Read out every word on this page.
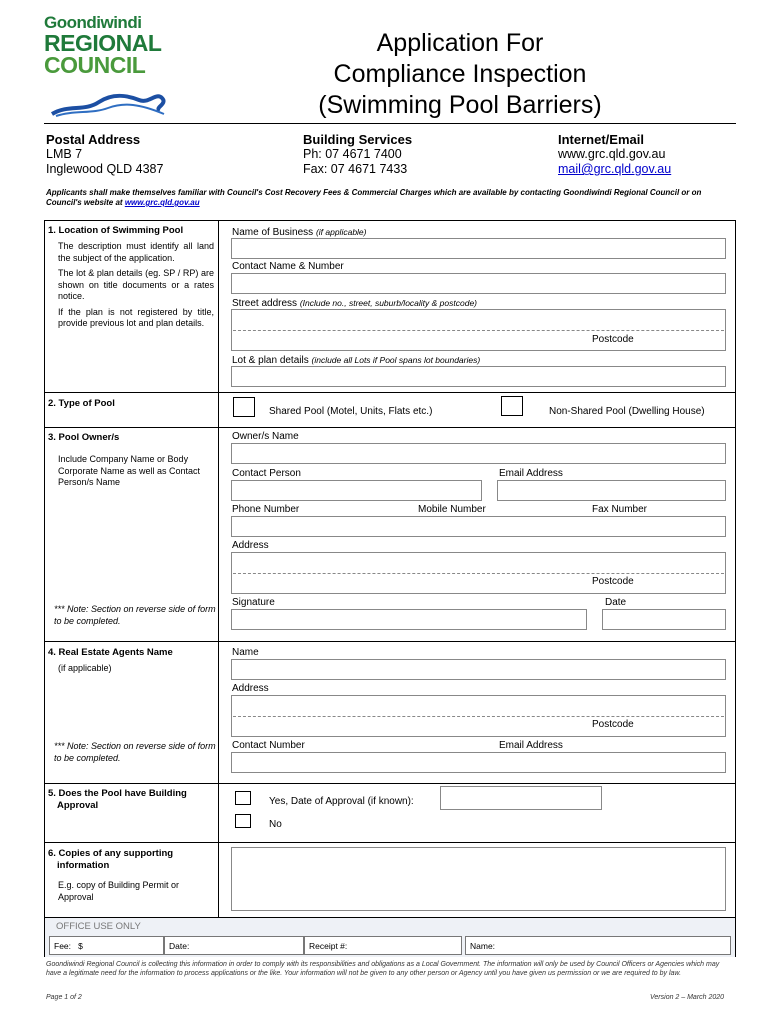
Goondiwindi
REGIONAL
COUNCIL
Application For
Compliance Inspection
(Swimming Pool Barriers)
Postal Address
LMB 7
Inglewood QLD 4387
Building Services
Ph: 07 4671 7400
Fax: 07 4671 7433
Internet/Email
www.grc.qld.gov.au
mail@grc.qld.gov.au
Applicants shall make themselves familiar with Council's Cost Recovery Fees & Commercial Charges which are available by contacting Goondiwindi Regional Council or on Council's website at www.grc.qld.gov.au
1. Location of Swimming Pool
The description must identify all land the subject of the application.
The lot & plan details (eg. SP / RP) are shown on title documents or a rates notice.
If the plan is not registered by title, provide previous lot and plan details.
Name of Business (if applicable)
Contact Name & Number
Street address (Include no., street, suburb/locality & postcode)
Postcode
Lot & plan details (include all Lots if Pool spans lot boundaries)
2. Type of Pool
Shared Pool (Motel, Units, Flats etc.)	Non-Shared Pool (Dwelling House)
3. Pool Owner/s
Include Company Name or Body Corporate Name as well as Contact Person/s Name
*** Note: Section on reverse side of form to be completed.
Owner/s Name
Contact Person	Email Address
Phone Number	Mobile Number	Fax Number
Address
Postcode
Signature	Date
4. Real Estate Agents Name
(if applicable)
*** Note: Section on reverse side of form to be completed.
Name
Address
Postcode
Contact Number	Email Address
5. Does the Pool have Building
Approval	Yes, Date of Approval (if known):
No
6. Copies of any supporting
information
E.g. copy of Building Permit or Approval
OFFICE USE ONLY
Fee: $	Date:	Receipt #:	Name:
Goondiwindi Regional Council is collecting this information in order to comply with its responsibilities and obligations as a Local Government. The information will only be used by Council Officers or Agencies which may have a legitimate need for the information to process applications or the like. Your information will not be given to any other person or Agency until you have given us permission or we are required to by law.
Page 1 of 2	Version 2 – March 2020
